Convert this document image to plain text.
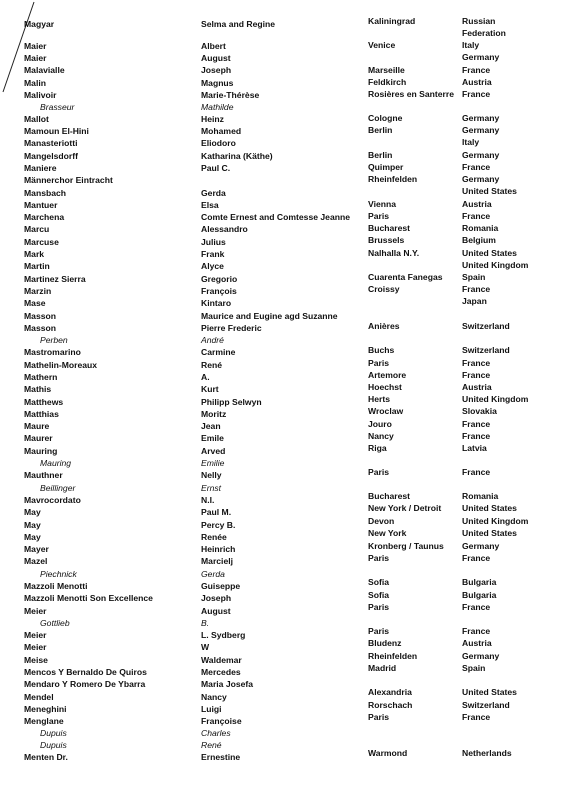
Magyar	Selma and Regine
Maier	Albert
Maier	August
Malavialle	Joseph
Malin	Magnus
Malivoir	Marie-Thérèse
Brasseur	Mathilde
Mallot	Heinz
Mamoun El-Hini	Mohamed
Manasteriotti	Eliodoro
Mangelsdorff	Katharina (Käthe)
Maniere	Paul C.
Männerchor Eintracht
Mansbach	Gerda
Mantuer	Elsa
Marchena	Comte Ernest and Comtesse Jeanne
Marcu	Alessandro
Marcuse	Julius
Mark	Frank
Martin	Alyce
Martinez Sierra	Gregorio
Marzin	François
Mase	Kintaro
Masson	Maurice and Eugine agd Suzanne
Masson	Pierre Frederic
Perben	André
Mastromarino	Carmine
Mathelin-Moreaux	René
Mathern	A.
Mathis	Kurt
Matthews	Philipp Selwyn
Matthias	Moritz
Maure	Jean
Maurer	Emile
Mauring	Arved
Mauring	Emilie
Mauthner	Nelly
Beillinger	Ernst
Mavrocordato	N.I.
May	Paul M.
May	Percy B.
May	Renée
Mayer	Heinrich
Mazel	Marcielj
Piechnick	Gerda
Mazzoli Menotti	Guiseppe
Mazzoli Menotti Son Excellence	Joseph
Meier	August
Gottlieb	B.
Meier	L. Sydberg
Meier	W
Meise	Waldemar
Mencos Y Bernaldo De Quiros	Mercedes
Mendaro Y Romero De Ybarra	Maria Josefa
Mendel	Nancy
Meneghini	Luigi
Menglane	Françoise
Dupuis	Charles
Dupuis	René
Menten Dr.	Ernestine
Kaliningrad	Russian
Federation
Venice	Italy
Germany
Marseille	France
Feldkirch	Austria
Rosières en Santerre France
Cologne	Germany
Berlin	Germany
Italy
Berlin	Germany
Quimper	France
Rheinfelden	Germany
United States
Vienna	Austria
Paris	France
Bucharest	Romania
Brussels	Belgium
Nalhalla N.Y.	United States
United Kingdom
Cuarenta Fanegas Spain
Croissy	France
Japan
Anières	Switzerland
Buchs	Switzerland
Paris	France
Artemore	France
Hoechst	Austria
Herts	United Kingdom
Wroclaw	Slovakia
Jouro	France
Nancy	France
Riga	Latvia
Paris	France
Bucharest	Romania
New York / Detroit United States
Devon	United Kingdom
New York	United States
Kronberg / Taunus Germany
Paris	France
Sofia	Bulgaria
Sofia	Bulgaria
Paris	France
Paris	France
Bludenz	Austria
Rheinfelden	Germany
Madrid	Spain
Alexandria	United States
Rorschach	Switzerland
Paris	France
Warmond	Netherlands
